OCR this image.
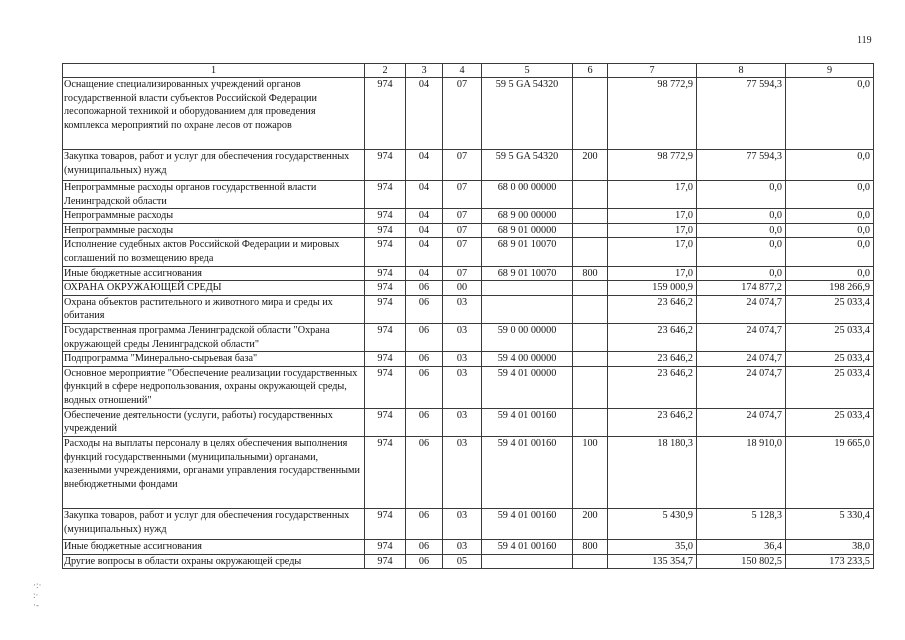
119
1	2	3	4	5	6	7	8	9
Оснащение специализированных учреждений органов государственной власти субъектов Российской Федерации лесопожарной техникой и оборудованием для проведения комплекса мероприятий по охране лесов от пожаров	974	04	07	59 5 GA 54320		98 772,9	77 594,3	0,0
Закупка товаров, работ и услуг для обеспечения государственных (муниципальных) нужд	974	04	07	59 5 GA 54320	200	98 772,9	77 594,3	0,0
Непрограммные расходы органов государственной власти Ленинградской области	974	04	07	68 0 00 00000		17,0	0,0	0,0
Непрограммные расходы	974	04	07	68 9 00 00000		17,0	0,0	0,0
Непрограммные расходы	974	04	07	68 9 01 00000		17,0	0,0	0,0
Исполнение судебных актов Российской Федерации и мировых соглашений по возмещению вреда	974	04	07	68 9 01 10070		17,0	0,0	0,0
Иные бюджетные ассигнования	974	04	07	68 9 01 10070	800	17,0	0,0	0,0
ОХРАНА ОКРУЖАЮЩЕЙ СРЕДЫ	974	06	00			159 000,9	174 877,2	198 266,9
Охрана объектов растительного и животного мира и среды их обитания	974	06	03			23 646,2	24 074,7	25 033,4
Государственная программа Ленинградской области "Охрана окружающей среды Ленинградской области"	974	06	03	59 0 00 00000		23 646,2	24 074,7	25 033,4
Подпрограмма "Минерально-сырьевая база"	974	06	03	59 4 00 00000		23 646,2	24 074,7	25 033,4
Основное мероприятие "Обеспечение реализации государственных функций в сфере недропользования, охраны окружающей среды, водных отношений"	974	06	03	59 4 01 00000		23 646,2	24 074,7	25 033,4
Обеспечение деятельности (услуги, работы) государственных учреждений	974	06	03	59 4 01 00160		23 646,2	24 074,7	25 033,4
Расходы на выплаты персоналу в целях обеспечения выполнения функций государственными (муниципальными) органами, казенными учреждениями, органами управления государственными внебюджетными фондами	974	06	03	59 4 01 00160	100	18 180,3	18 910,0	19 665,0
Закупка товаров, работ и услуг для обеспечения государственных (муниципальных) нужд	974	06	03	59 4 01 00160	200	5 430,9	5 128,3	5 330,4
Иные бюджетные ассигнования	974	06	03	59 4 01 00160	800	35,0	36,4	38,0
Другие вопросы в области охраны окружающей среды	974	06	05			135 354,7	150 802,5	173 233,5
·:·
:·
·-
